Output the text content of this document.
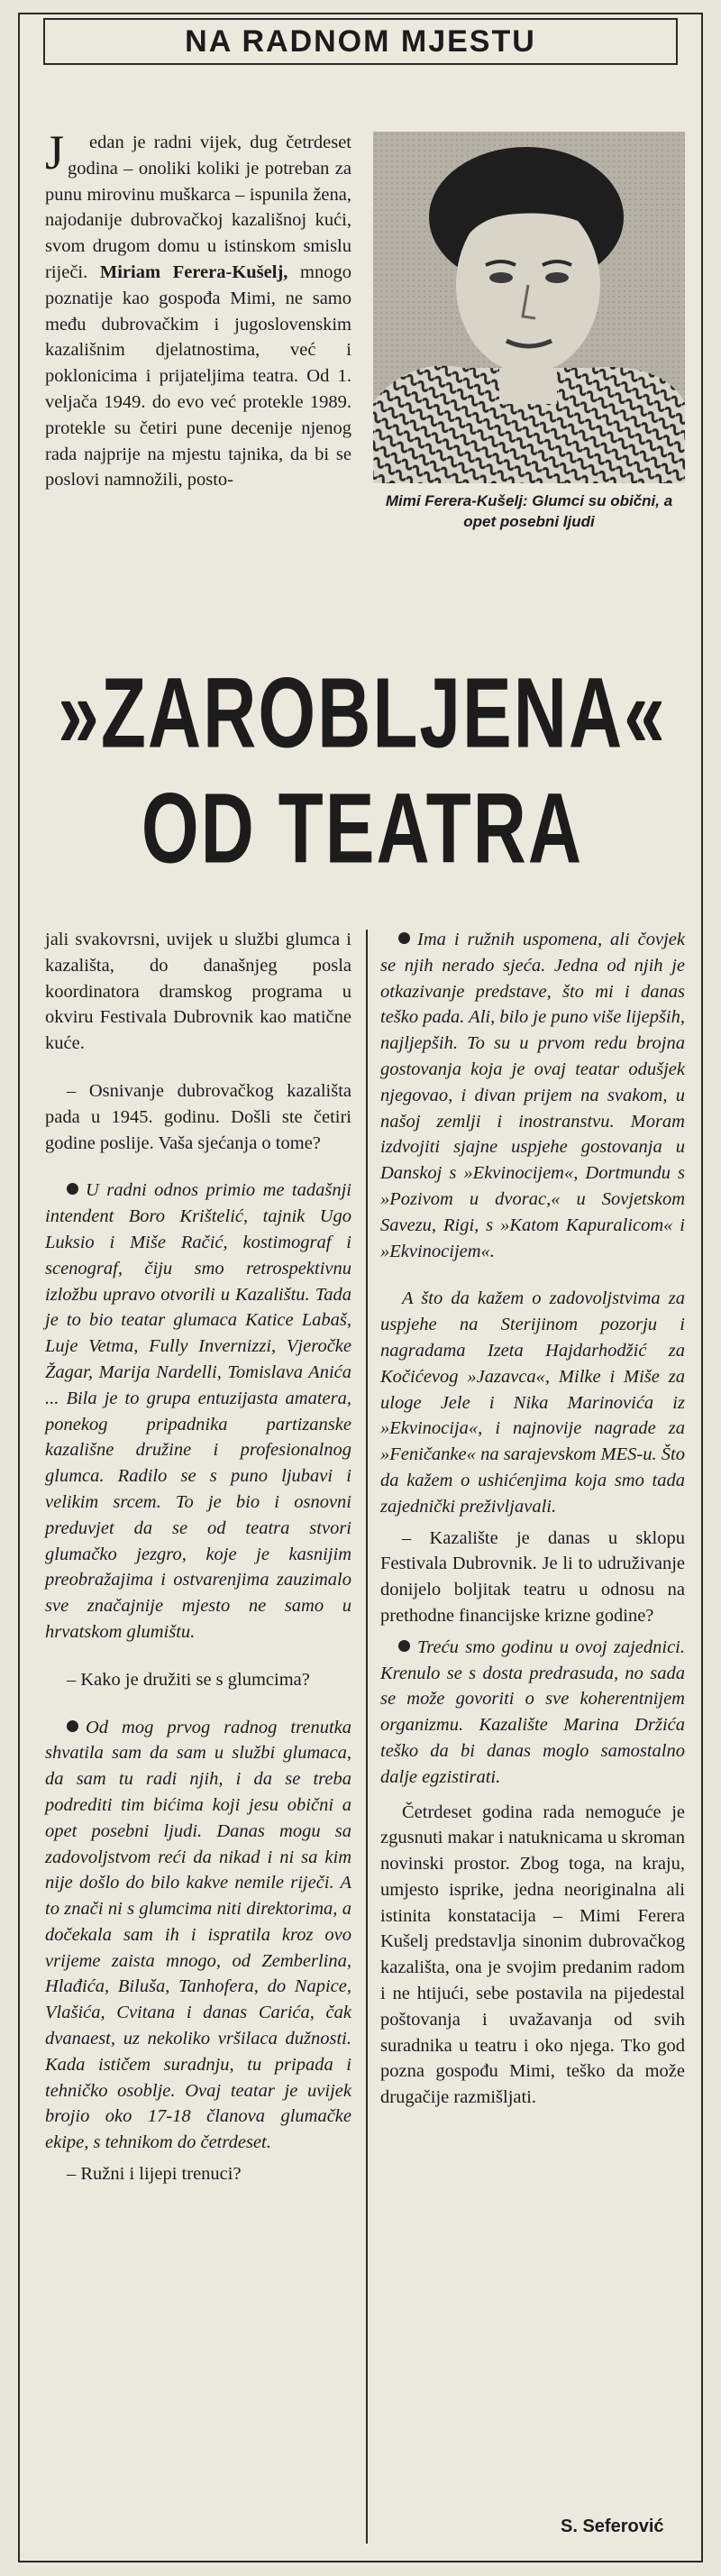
NA RADNOM MJESTU

J edan je radni vijek, dug četrdeset godina – onoliki koliki je potreban za punu mirovinu muškarca – ispunila žena, najodanije dubrovačkoj kazališnoj kući, svom drugom domu u istinskom smislu riječi. Miriam Ferera-Kušelj, mnogo poznatije kao gospođa Mimi, ne samo među dubrovačkim i jugoslovenskim kazališnim djelatnostima, već i poklonicima i prijateljima teatra. Od 1. veljača 1949. do evo već protekle 1989. protekle su četiri pune decenije njenog rada najprije na mjestu tajnika, da bi se poslovi namnožili, posto-

Mimi Ferera-Kušelj: Glumci su obični, a opet posebni ljudi
»ZAROBLJENA«
OD TEATRA

jali svakovrsni, uvijek u službi glumca i kazališta, do današnjeg posla koordinatora dramskog programa u okviru Festivala Dubrovnik kao matične kuće.

– Osnivanje dubrovačkog kazališta pada u 1945. godinu. Došli ste četiri godine poslije. Vaša sjećanja o tome?

U radni odnos primio me tadašnji intendent Boro Krištelić, tajnik Ugo Luksio i Miše Račić, kostimograf i scenograf, čiju smo retrospektivnu izložbu upravo otvorili u Kazalištu. Tada je to bio teatar glumaca Katice Labaš, Luje Vetma, Fully Invernizzi, Vjeročke Žagar, Marija Nardelli, Tomislava Anića ... Bila je to grupa entuzijasta amatera, ponekog pripadnika partizanske kazališne družine i profesionalnog glumca. Radilo se s puno ljubavi i velikim srcem. To je bio i osnovni preduvjet da se od teatra stvori glumačko jezgro, koje je kasnijim preobražajima i ostvarenjima zauzimalo sve značajnije mjesto ne samo u hrvatskom glumištu.

– Kako je družiti se s glumcima?

Od mog prvog radnog trenutka shvatila sam da sam u službi glumaca, da sam tu radi njih, i da se treba podrediti tim bićima koji jesu obični a opet posebni ljudi. Danas mogu sa zadovoljstvom reći da nikad i ni sa kim nije došlo do bilo kakve nemile riječi. A to znači ni s glumcima niti direktorima, a dočekala sam ih i ispratila kroz ovo vrijeme zaista mnogo, od Zemberlina, Hlađića, Biluša, Tanhofera, do Napice, Vlašića, Cvitana i danas Carića, čak dvanaest, uz nekoliko vršilaca dužnosti. Kada ističem suradnju, tu pripada i tehničko osoblje. Ovaj teatar je uvijek brojio oko 17-18 članova glumačke ekipe, s tehnikom do četrdeset.

– Ružni i lijepi trenuci?

Ima i ružnih uspomena, ali čovjek se njih nerado sjeća. Jedna od njih je otkazivanje predstave, što mi i danas teško pada. Ali, bilo je puno više lijepših, najljepših. To su u prvom redu brojna gostovanja koja je ovaj teatar odušjek njegovao, i divan prijem na svakom, u našoj zemlji i inostranstvu. Moram izdvojiti sjajne uspjehe gostovanja u Danskoj s »Ekvinocijem«, Dortmundu s »Pozivom u dvorac,« u Sovjetskom Savezu, Rigi, s »Katom Kapuralicom« i »Ekvinocijem«.

A što da kažem o zadovoljstvima za uspjehe na Sterijinom pozorju i nagradama Izeta Hajdarhodžić za Kočićevog »Jazavca«, Milke i Miše za uloge Jele i Nika Marinovića iz »Ekvinocija«, i najnovije nagrade za »Feničanke« na sarajevskom MES-u. Što da kažem o ushićenjima koja smo tada zajednički preživljavali.

– Kazalište je danas u sklopu Festivala Dubrovnik. Je li to udruživanje donijelo boljitak teatru u odnosu na prethodne financijske krizne godine?

Treću smo godinu u ovoj zajednici. Krenulo se s dosta predrasuda, no sada se može govoriti o sve koherentnijem organizmu. Kazalište Marina Držića teško da bi danas moglo samostalno dalje egzistirati.

Četrdeset godina rada nemoguće je zgusnuti makar i natuknicama u skroman novinski prostor. Zbog toga, na kraju, umjesto isprike, jedna neoriginalna ali istinita konstatacija – Mimi Ferera Kušelj predstavlja sinonim dubrovačkog kazališta, ona je svojim predanim radom i ne htijući, sebe postavila na pijedestal poštovanja i uvažavanja od svih suradnika u teatru i oko njega. Tko god pozna gospođu Mimi, teško da može drugačije razmišljati.

S. Seferović
